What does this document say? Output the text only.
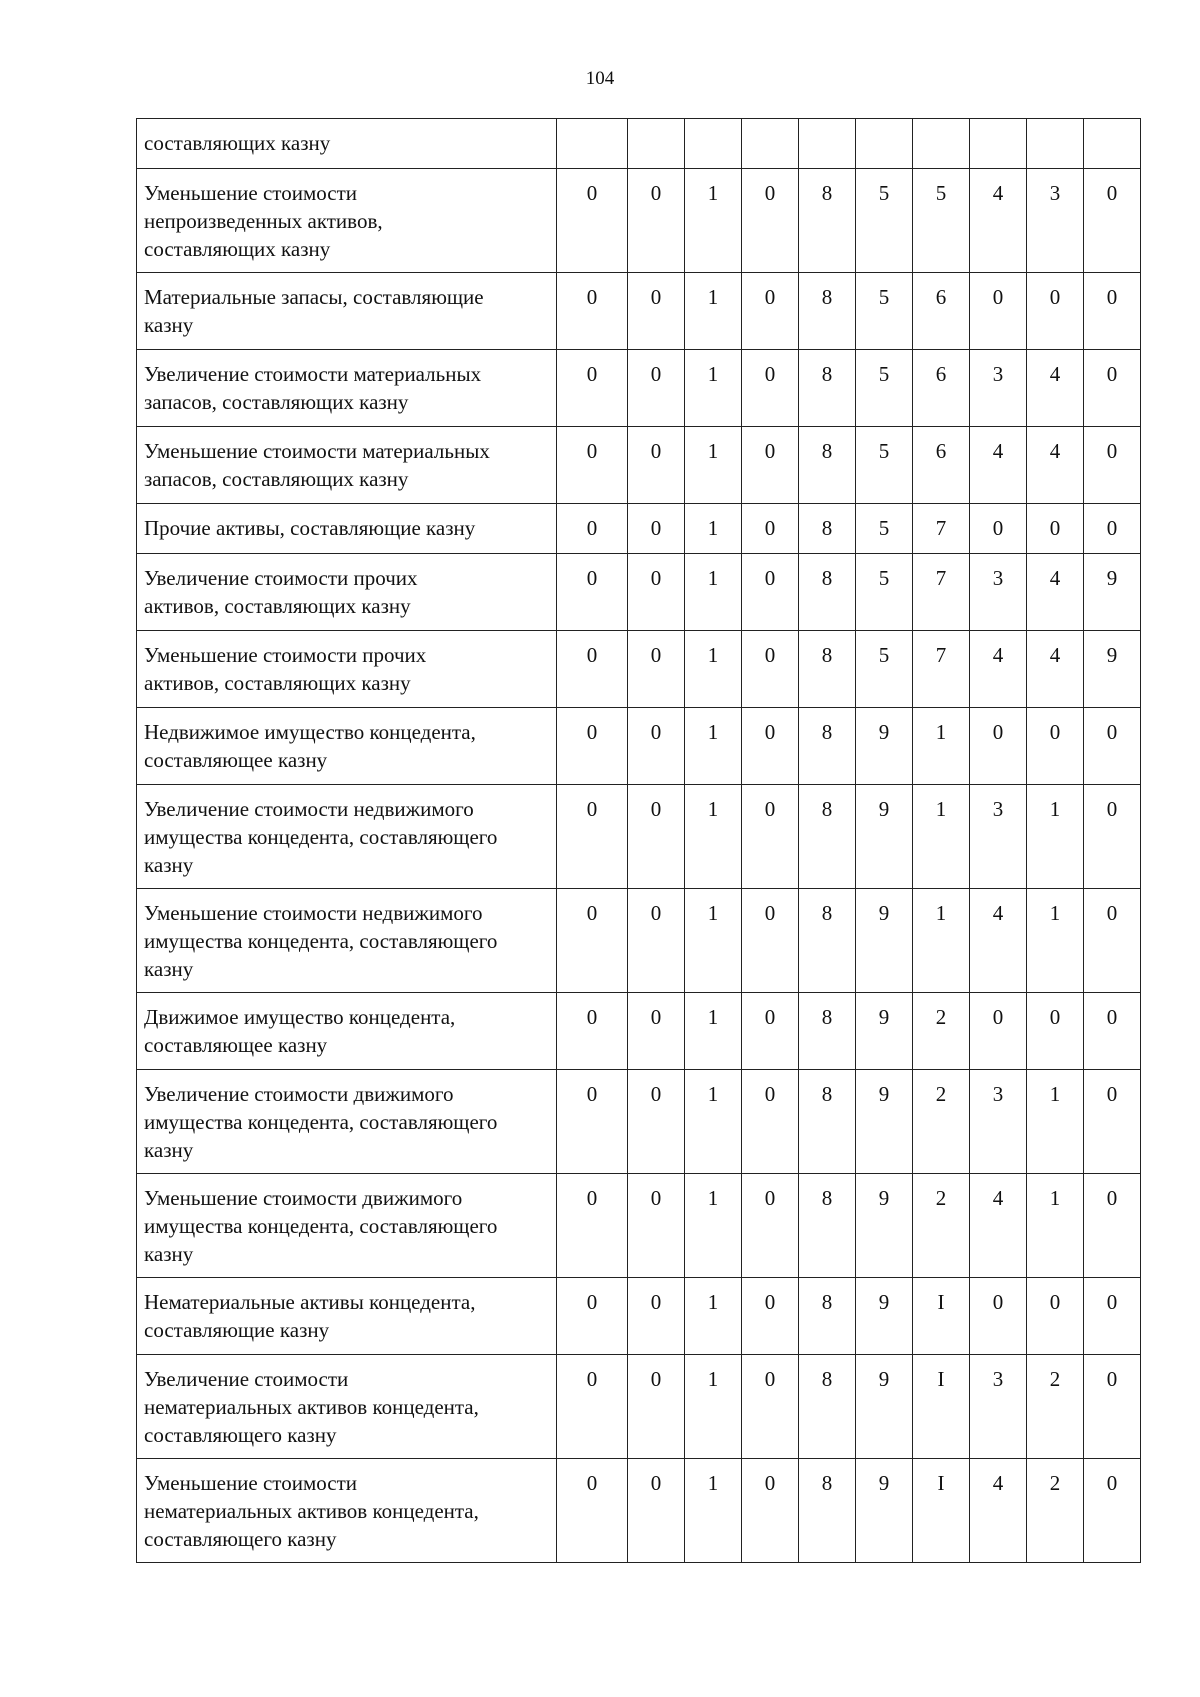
104
составляющих казну										

Уменьшение стоимости
непроизведенных активов,
составляющих казну	0	0	1	0	8	5	5	4	3	0

Материальные запасы, составляющие
казну	0	0	1	0	8	5	6	0	0	0

Увеличение стоимости материальных
запасов, составляющих казну	0	0	1	0	8	5	6	3	4	0

Уменьшение стоимости материальных
запасов, составляющих казну	0	0	1	0	8	5	6	4	4	0

Прочие активы, составляющие казну	0	0	1	0	8	5	7	0	0	0

Увеличение стоимости прочих
активов, составляющих казну	0	0	1	0	8	5	7	3	4	9

Уменьшение стоимости прочих
активов, составляющих казну	0	0	1	0	8	5	7	4	4	9

Недвижимое имущество концедента,
составляющее казну	0	0	1	0	8	9	1	0	0	0

Увеличение стоимости недвижимого
имущества концедента, составляющего
казну	0	0	1	0	8	9	1	3	1	0

Уменьшение стоимости недвижимого
имущества концедента, составляющего
казну	0	0	1	0	8	9	1	4	1	0

Движимое имущество концедента,
составляющее казну	0	0	1	0	8	9	2	0	0	0

Увеличение стоимости движимого
имущества концедента, составляющего
казну	0	0	1	0	8	9	2	3	1	0

Уменьшение стоимости движимого
имущества концедента, составляющего
казну	0	0	1	0	8	9	2	4	1	0

Нематериальные активы концедента,
составляющие казну	0	0	1	0	8	9	I	0	0	0

Увеличение стоимости
нематериальных активов концедента,
составляющего казну	0	0	1	0	8	9	I	3	2	0

Уменьшение стоимости
нематериальных активов концедента,
составляющего казну	0	0	1	0	8	9	I	4	2	0
